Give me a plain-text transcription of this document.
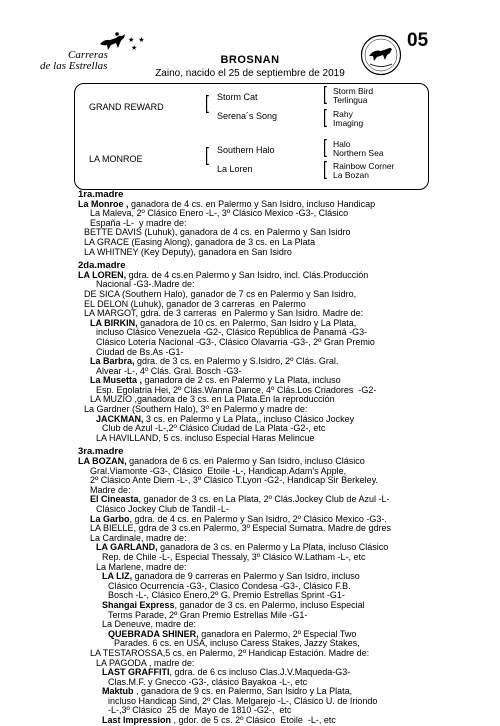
★ ★
★
Carreras
de las Estrellas
05
BROSNAN
Zaino, nacido el 25 de septiembre de 2019
GRAND REWARD	[ Storm Cat
Serena´s Song
[ Storm Bird
Terlingua
[ Rahy
Imaging
LA MONROE	[ Southern Halo
La Loren
[ Halo
Northern Sea
[ Rainbow Corner
La Bozan
1ra.madre
La Monroe , ganadora de 4 cs. en Palermo y San Isidro, incluso Handicap
La Maleva, 2º Clásico Enero -L-, 3º Clásico Mexico -G3-, Clásico
España -L-  y madre de:
BETTE DAVIS (Luhuk), ganadora de 4 cs. en Palermo y San Isidro
LA GRACE (Easing Along), ganadora de 3 cs. en La Plata
LA WHITNEY (Key Deputy), ganadora en San Isidro
2da.madre
LA LOREN, gdra. de 4 cs.en Palermo y San Isidro, incl. Clás.Producción
Nacional -G3-.Madre de:
DE SICA (Southern Halo), ganador de 7 cs en Palermo y San Isidro,
EL DELON (Luhuk), ganador de 3 carreras  en Palermo
LA MARGOT, gdra. de 3 carreras  en Palermo y San Isidro. Madre de:
LA BIRKIN, ganadora de 10 cs. en Palermo, San Isidro y La Plata,
incluso Clásico Venezuela -G2-, Clásico República de Panamá -G3-
Clásico Lotería Nacional -G3-, Clásico Olavarria -G3-, 2º Gran Premio
Ciudad de Bs.As -G1-
La Barbra, gdra. de 3 cs. en Palermo y S.Isidro, 2º Clás. Gral.
Alvear -L-, 4º Clás. Gral. Bosch -G3-
La Musetta , ganadora de 2 cs. en Palermo y La Plata, incluso
Esp. Egolatria Hei, 2º Clás.Wanna Dance, 4º Clás.Los Criadores  -G2-
LA MUZIO ,ganadora de 3 cs. en La Plata.En la reproducción
La Gardner (Southern Halo), 3º en Palermo y madre de:
JACKMAN, 3 cs. en Palermo y La Plata,, incluso Clásico Jockey
Club de Azul -L-,2º Clásico Ciudad de La Plata -G2-, etc
LA HAVILLAND, 5 cs. incluso Especial Haras Melincue
3ra.madre
LA BOZAN, ganadora de 6 cs. en Palermo y San Isidro, incluso Clásico
Gral.Viamonte -G3-, Clásico  Etoile -L-, Handicap.Adam's Apple,
2º Clásico Ante Diem -L-, 3º Clásico T.Lyon -G2-, Handicap Sir Berkeley.
Madre de:
El Cineasta, ganador de 3 cs. en La Plata, 2º Clás.Jockey Club de Azul -L-
Clásico Jockey Club de Tandil -L-
La Garbo, gdra. de 4 cs. en Palermo y San Isidro, 2º Clásico Mexico -G3-.
LA BIELLE, gdra de 3 cs.en Palermo, 3º Especial Sumatra. Madre de gdres
La Cardinale, madre de:
LA GARLAND, ganadora de 3 cs. en Palermo y La Plata, incluso Clásico
Rep. de Chile -L-, Especial Thessaly, 3º Clásico W.Latham -L-, etc
La Marlene, madre de:
LA LIZ, ganadora de 9 carreras en Palermo y San Isidro, incluso
Clásico Ocurrencia -G3-, Clasico Condesa -G3-, Clásico F.B.
Bosch -L-, Clásico Enero,2º G. Premio Estrellas Sprint -G1-
Shangai Express, ganador de 3 cs. en Palermo, incluso Especial
Terms Parade, 2º Gran Premio Estrellas Mile -G1-
La Deneuve, madre de:
QUEBRADA SHINER, ganadora en Palermo, 2º Especial Two
Parades. 6 cs. en USA, incluso Caress Stakes, Jazzy Stakes,
LA TESTAROSSA,5 cs. en Palermo, 2º Handicap Estación. Madre de:
LA PAGODA , madre de:
LAST GRAFFITI, gdra. de 6 cs incluso Clas.J.V.Maqueda-G3-
Clas.M.F. y Gnecco -G3-, clásico Bayakoa -L-, etc
Maktub , ganadora de 9 cs. en Palermo, San Isidro y La Plata,
incluso Handicap Sind, 2º Clas. Melgarejo -L-, Clásico U. de Iriondo
-L-,3º Clásico  25 de  Mayo de 1810 -G2-,  etc
Last Impression , gdor. de 5 cs. 2º Clásico  Etoile  -L-, etc
